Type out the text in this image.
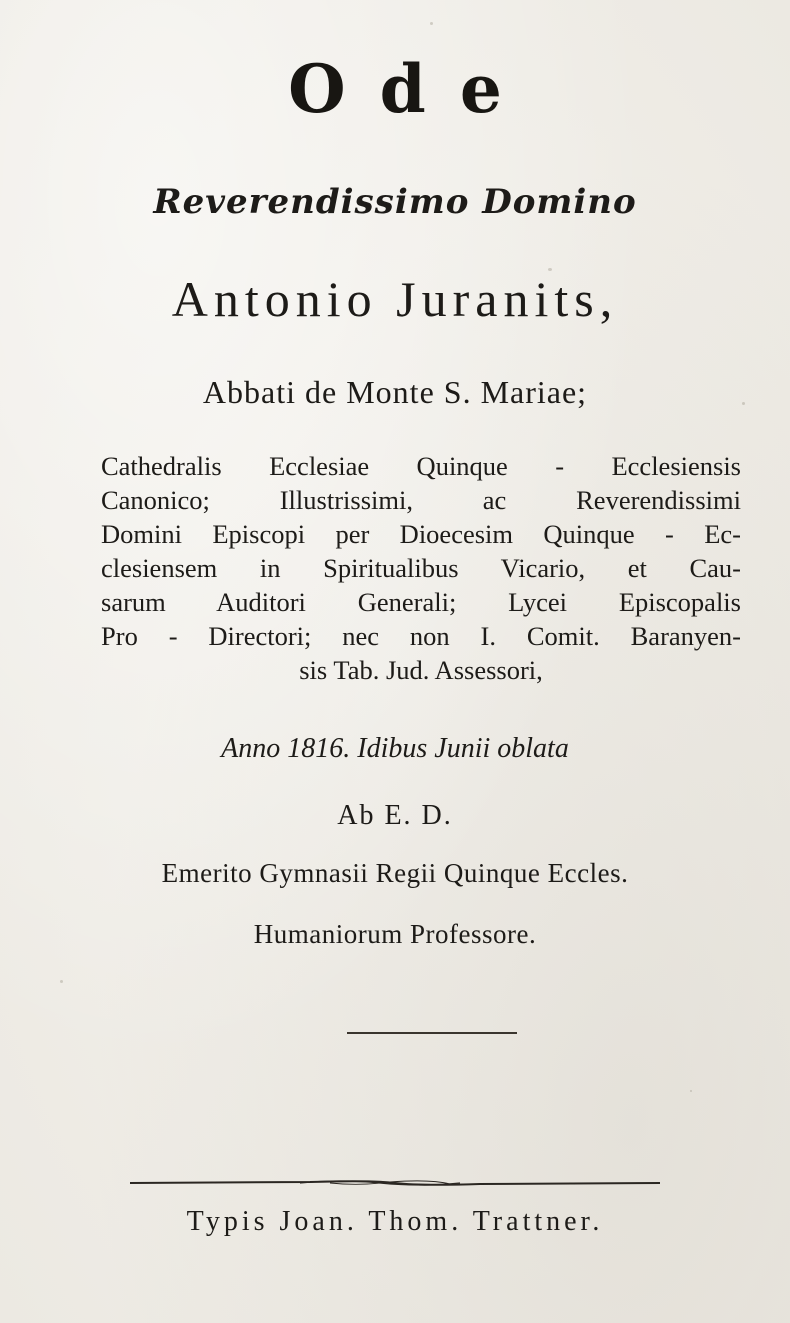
Ode
Reverendissimo Domino
Antonio Juranits,
Abbati de Monte S. Mariae;
Cathedralis Ecclesiae Quinque - Ecclesiensis
Canonico; Illustrissimi, ac Reverendissimi
Domini Episcopi per Dioecesim Quinque - Ec-
clesiensem in Spiritualibus Vicario, et Cau-
sarum Auditori Generali; Lycei Episcopalis
Pro - Directori; nec non I. Comit. Baranyen-
sis Tab. Jud. Assessori,
Anno 1816. Idibus Junii oblata
Ab E. D.
Emerito Gymnasii Regii Quinque Eccles.
Humaniorum Professore.
Typis Joan. Thom. Trattner.
